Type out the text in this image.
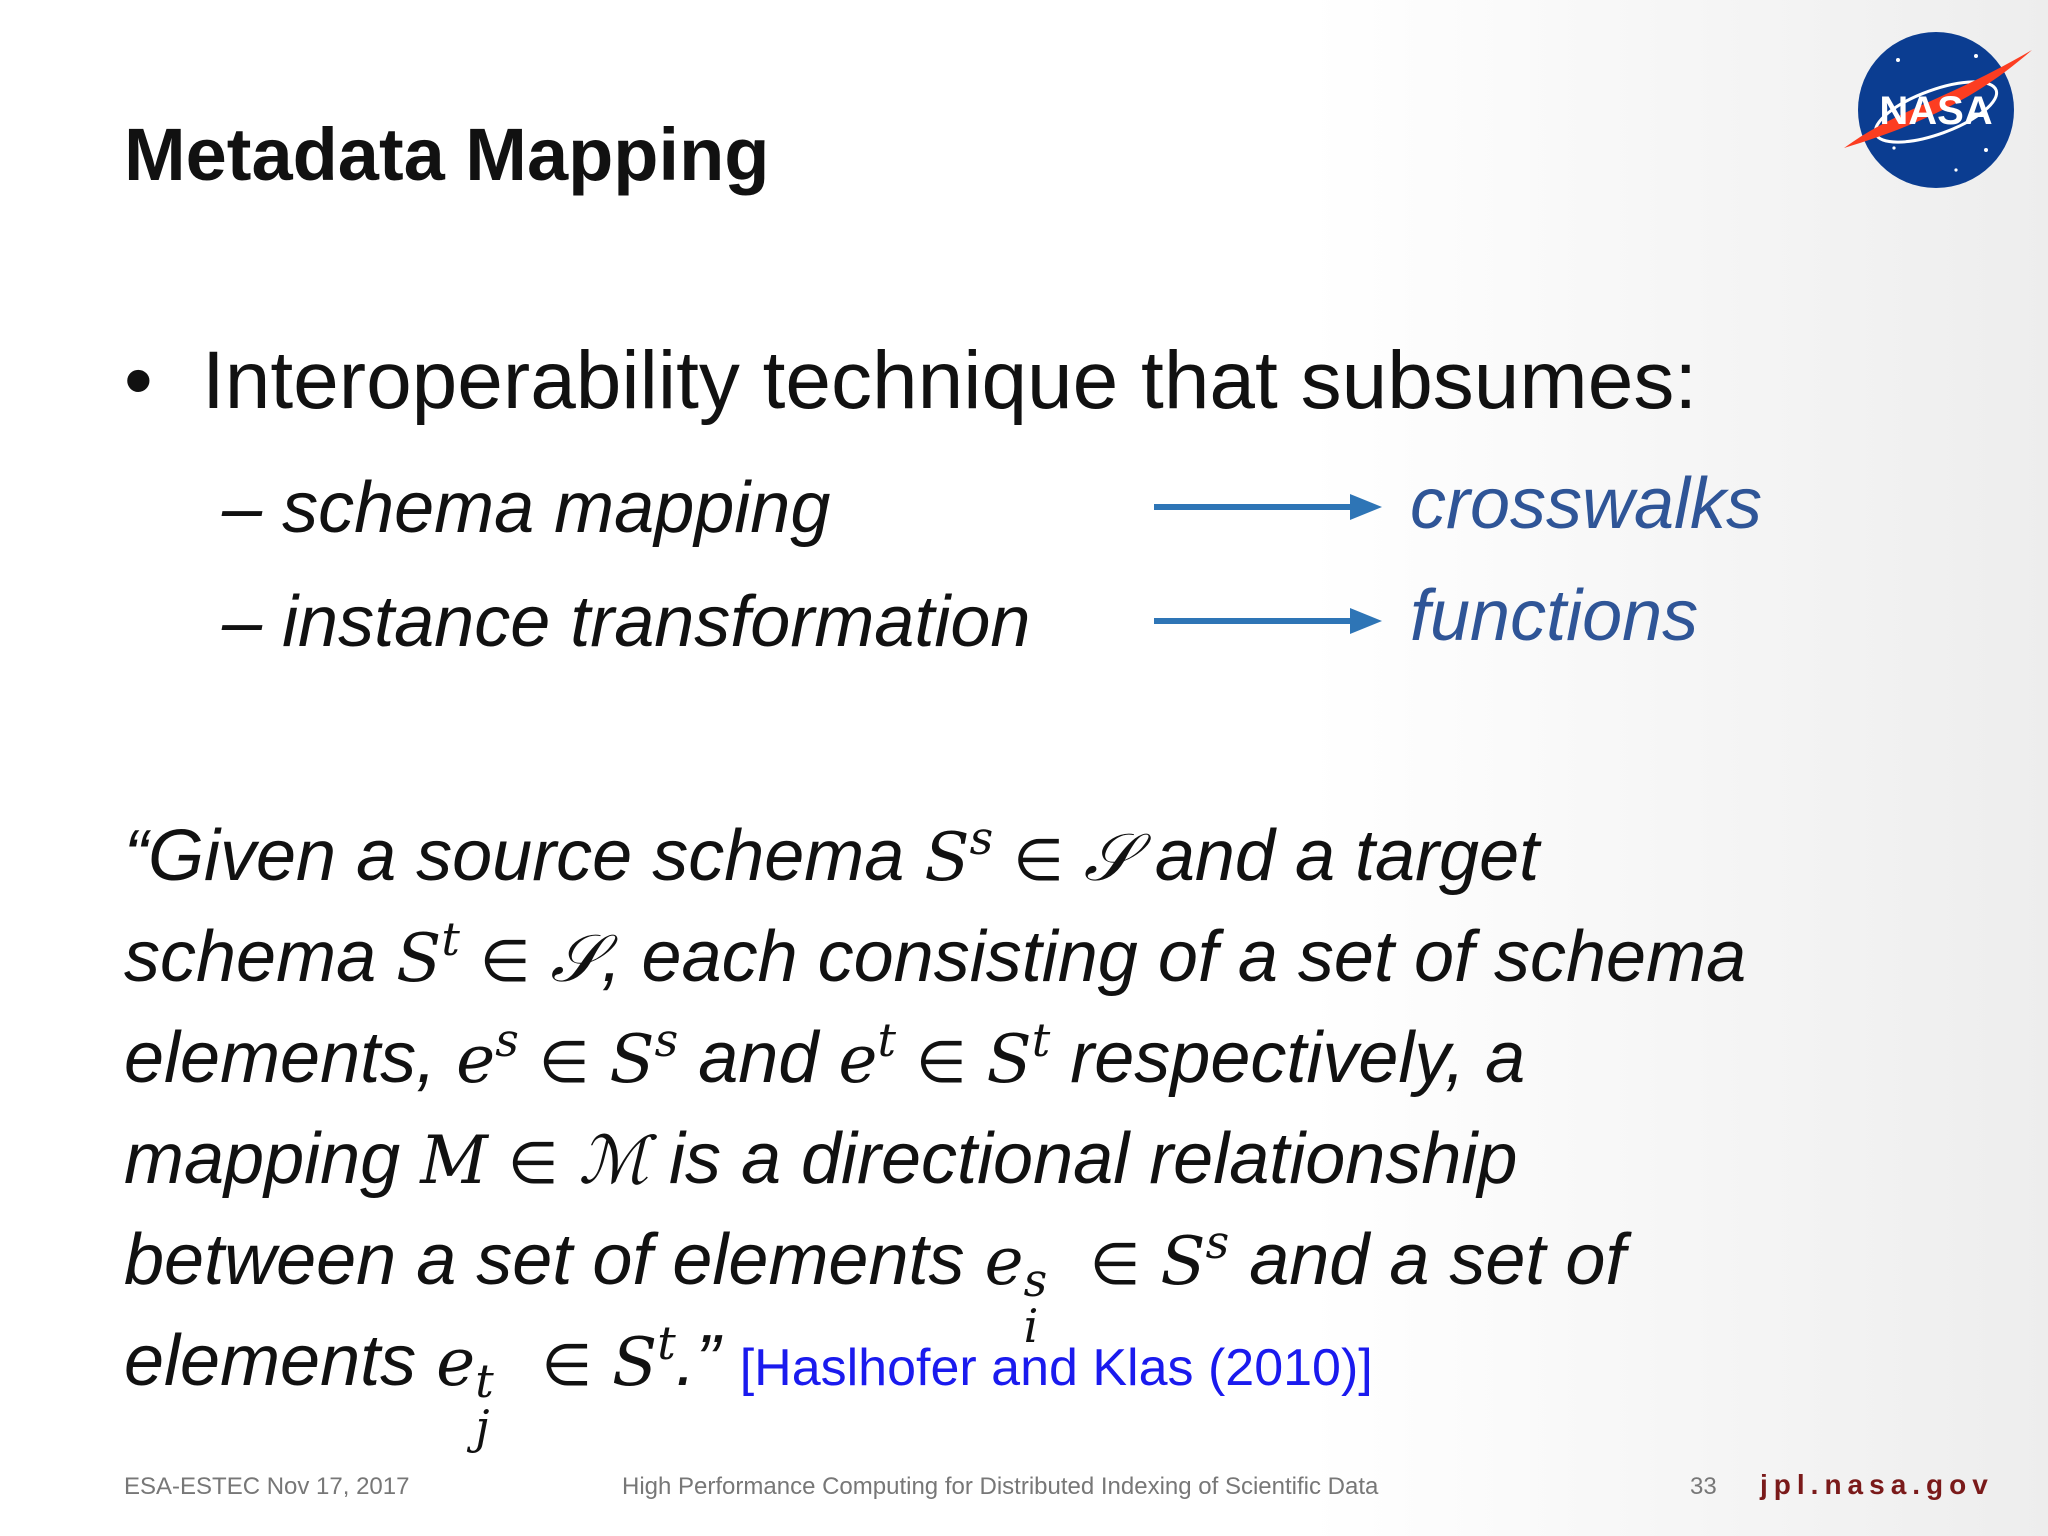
Metadata Mapping
NASA
• Interoperability technique that subsumes:
– schema mapping	crosswalks
– instance transformation	functions
“Given a source schema $S^s$ ∈ 𝒮 and a target
schema $S^t$ ∈ 𝒮, each consisting of a set of schema
elements, $e^s$ ∈ $S^s$ and $e^t$ ∈ $S^t$ respectively, a
mapping M ∈ ℳ is a directional relationship
between a set of elements e s
i
∈ $S^s$ and a set of
elements e t
j
∈ $S^t$.” [Haslhofer and Klas (2010)]
ESA-ESTEC Nov 17, 2017	High Performance Computing for Distributed Indexing of Scientific Data	33 jpl.nasa.gov
